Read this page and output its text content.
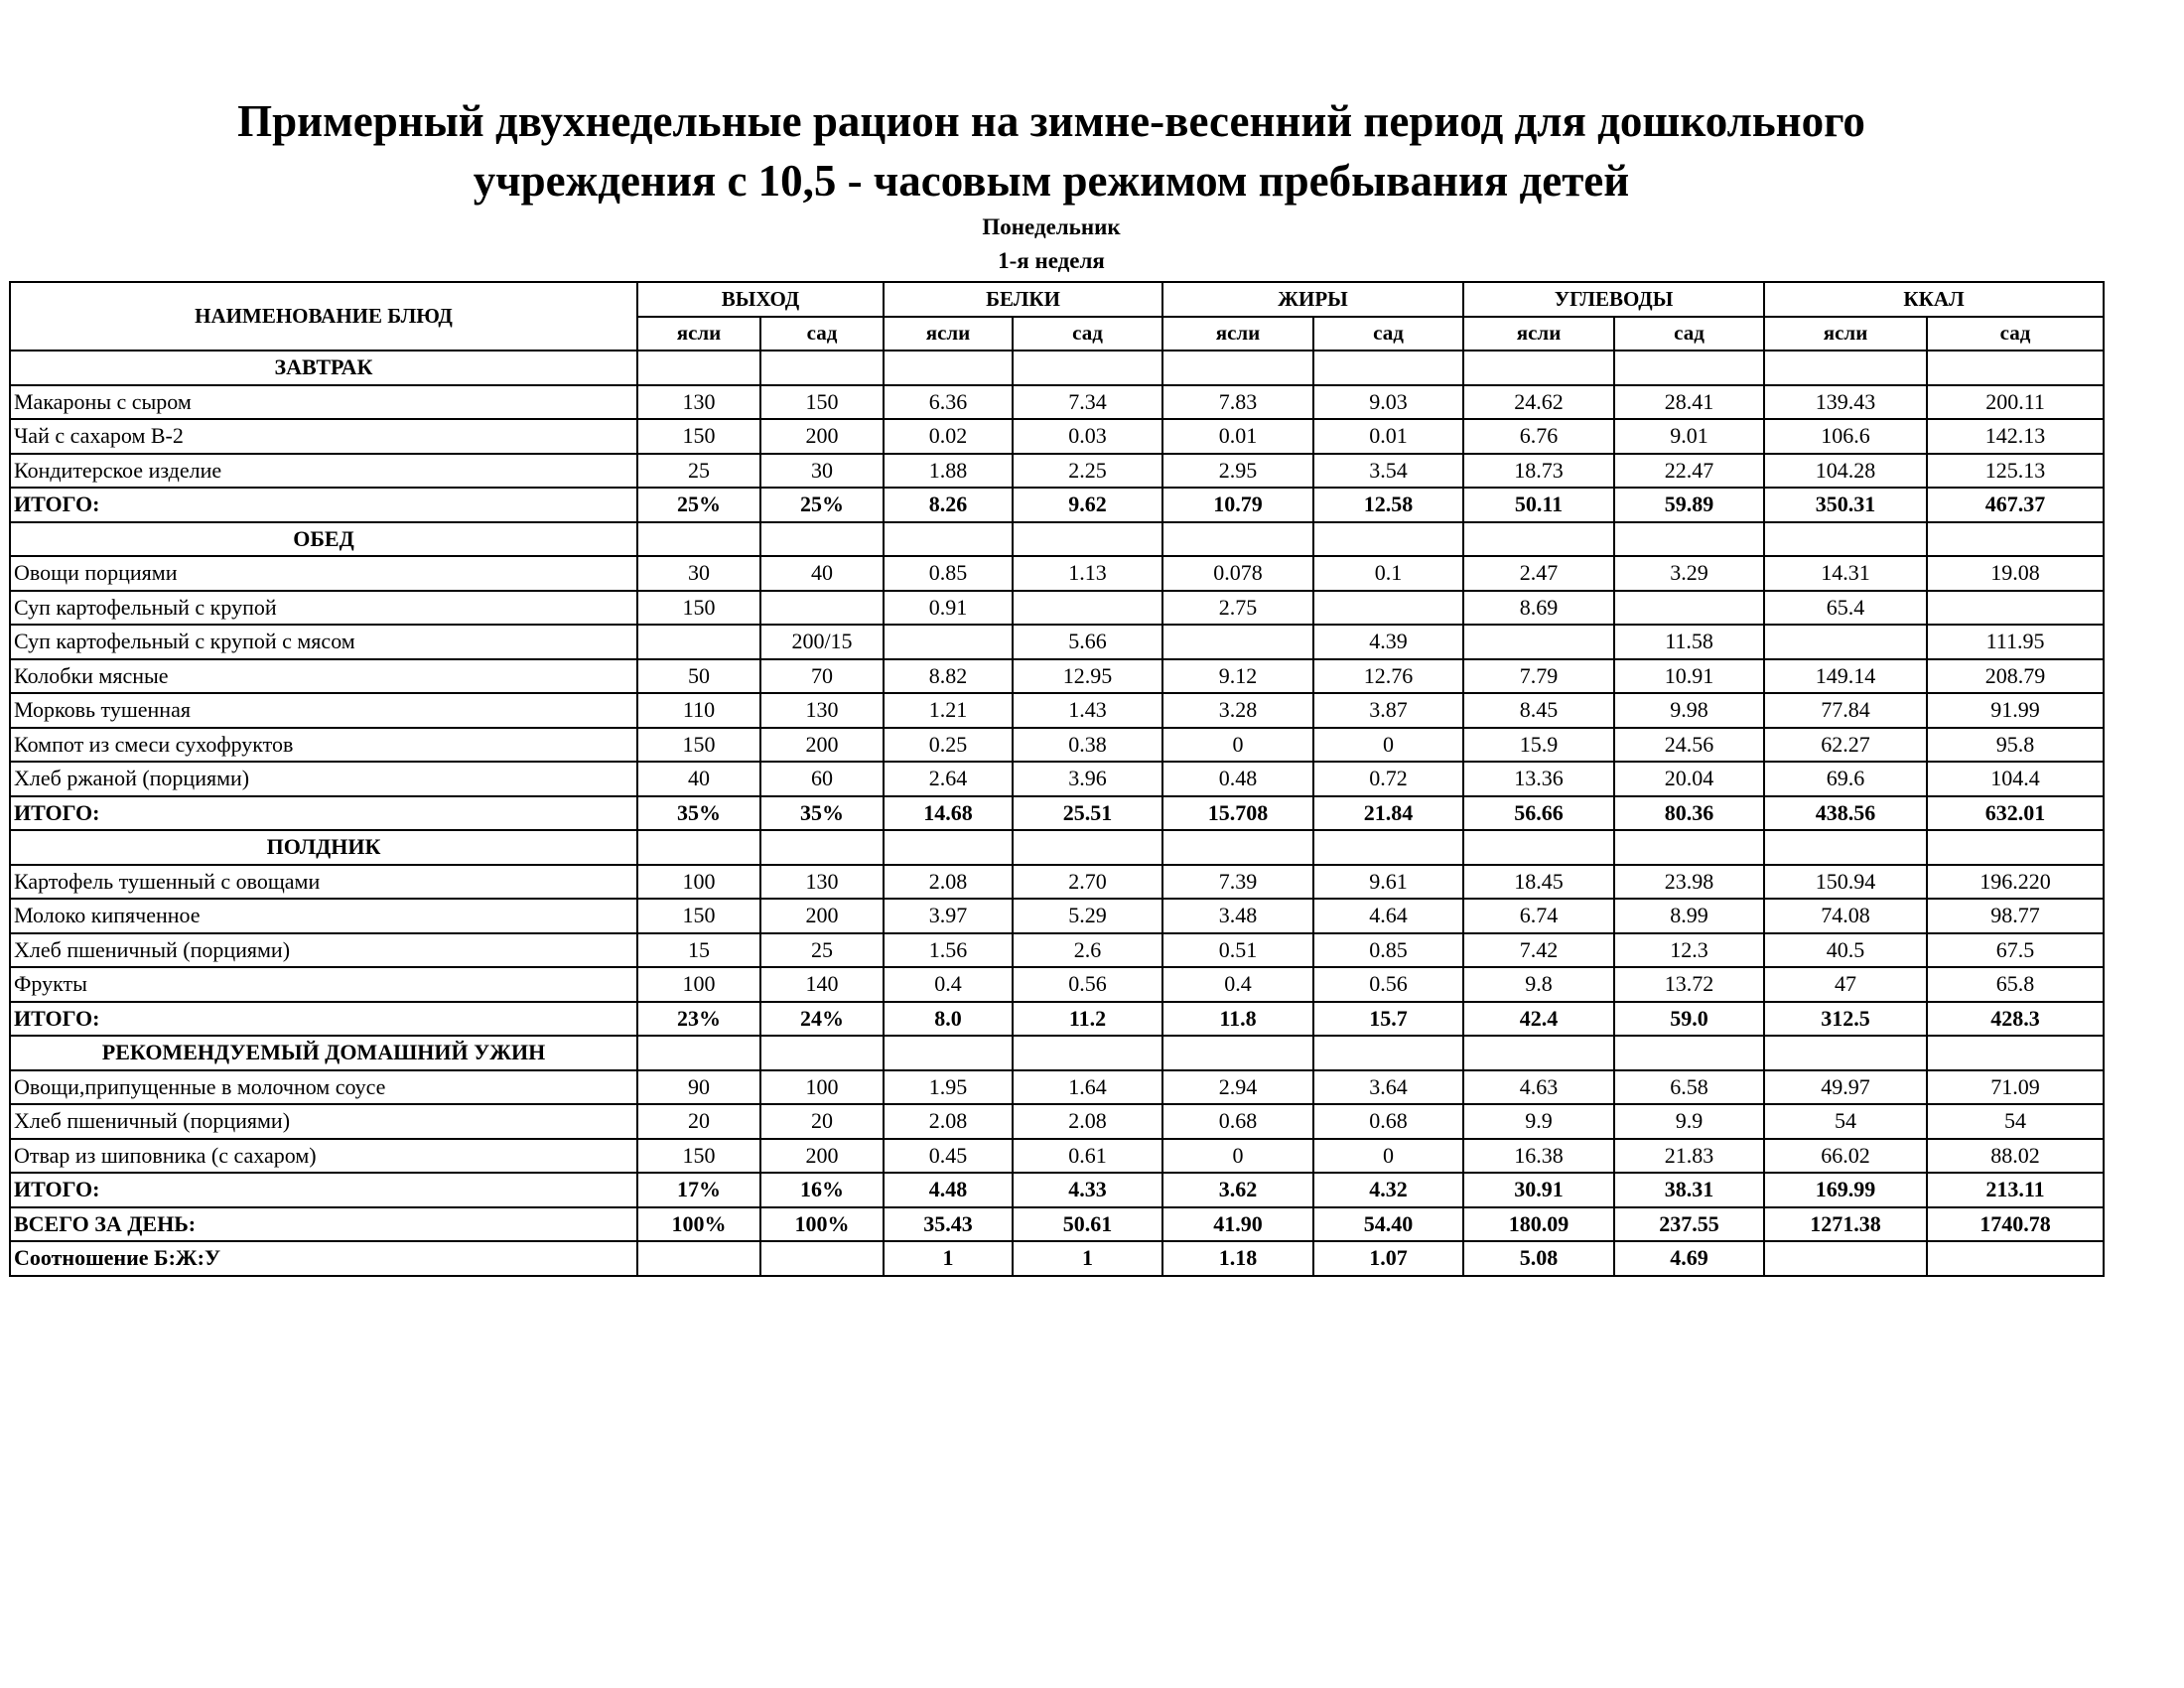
Примерный двухнедельные рацион на зимне-весенний период для дошкольного
учреждения с 10,5 - часовым режимом пребывания детей
Понедельник
1-я неделя
НАИМЕНОВАНИЕ БЛЮД	ВЫХОД		БЕЛКИ		ЖИРЫ		УГЛЕВОДЫ		ККАЛ	
	ясли	сад	ясли	сад	ясли	сад	ясли	сад	ясли	сад
ЗАВТРАК										
Макароны с сыром	130	150	6.36	7.34	7.83	9.03	24.62	28.41	139.43	200.11
Чай с сахаром В-2	150	200	0.02	0.03	0.01	0.01	6.76	9.01	106.6	142.13
Кондитерское изделие	25	30	1.88	2.25	2.95	3.54	18.73	22.47	104.28	125.13
ИТОГО:	25%	25%	8.26	9.62	10.79	12.58	50.11	59.89	350.31	467.37
ОБЕД										
Овощи порциями	30	40	0.85	1.13	0.078	0.1	2.47	3.29	14.31	19.08
Суп картофельный с крупой	150		0.91		2.75		8.69		65.4	
Суп картофельный с крупой с мясом		200/15		5.66		4.39		11.58		111.95
Колобки мясные	50	70	8.82	12.95	9.12	12.76	7.79	10.91	149.14	208.79
Морковь тушенная	110	130	1.21	1.43	3.28	3.87	8.45	9.98	77.84	91.99
Компот из смеси сухофруктов	150	200	0.25	0.38	0	0	15.9	24.56	62.27	95.8
Хлеб ржаной (порциями)	40	60	2.64	3.96	0.48	0.72	13.36	20.04	69.6	104.4
ИТОГО:	35%	35%	14.68	25.51	15.708	21.84	56.66	80.36	438.56	632.01
ПОЛДНИК										
Картофель тушенный с овощами	100	130	2.08	2.70	7.39	9.61	18.45	23.98	150.94	196.220
Молоко кипяченное	150	200	3.97	5.29	3.48	4.64	6.74	8.99	74.08	98.77
Хлеб пшеничный (порциями)	15	25	1.56	2.6	0.51	0.85	7.42	12.3	40.5	67.5
Фрукты	100	140	0.4	0.56	0.4	0.56	9.8	13.72	47	65.8
ИТОГО:	23%	24%	8.0	11.2	11.8	15.7	42.4	59.0	312.5	428.3
РЕКОМЕНДУЕМЫЙ ДОМАШНИЙ УЖИН										
Овощи,припущенные в молочном соусе	90	100	1.95	1.64	2.94	3.64	4.63	6.58	49.97	71.09
Хлеб пшеничный (порциями)	20	20	2.08	2.08	0.68	0.68	9.9	9.9	54	54
Отвар из шиповника (с сахаром)	150	200	0.45	0.61	0	0	16.38	21.83	66.02	88.02
ИТОГО:	17%	16%	4.48	4.33	3.62	4.32	30.91	38.31	169.99	213.11
ВСЕГО ЗА ДЕНЬ:	100%	100%	35.43	50.61	41.90	54.40	180.09	237.55	1271.38	1740.78
Соотношение Б:Ж:У			1	1	1.18	1.07	5.08	4.69		
